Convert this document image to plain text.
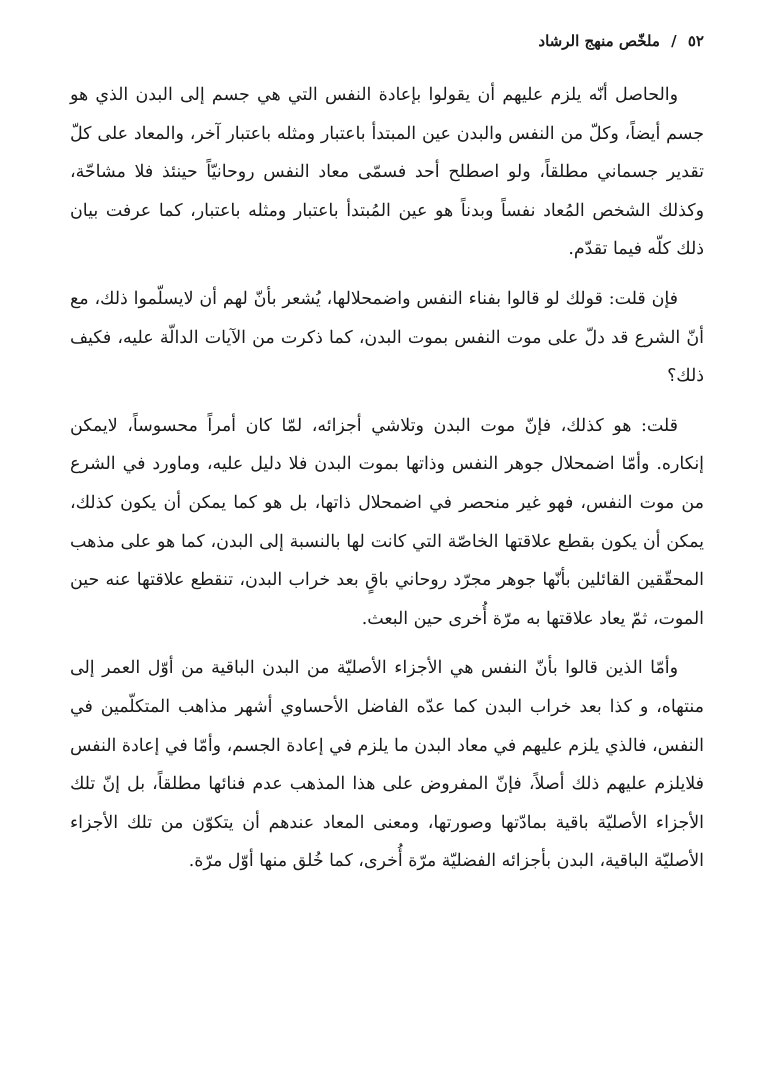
٥٢ / ملخّص منهج الرشاد

والحاصل أنّه يلزم عليهم أن يقولوا بإعادة النفس التي هي جسم إلى البدن الذي هو جسم أيضاً، وكلّ من النفس والبدن عين المبتدأ باعتبار ومثله باعتبار آخر، والمعاد على كلّ تقدير جسماني مطلقاً، ولو اصطلح أحد فسمّى معاد النفس روحانيّاً حينئذ فلا مشاحّة، وكذلك الشخص المُعاد نفساً وبدناً هو عين المُبتدأ باعتبار ومثله باعتبار، كما عرفت بيان ذلك كلّه فيما تقدّم.

فإن قلت: قولك لو قالوا بفناء النفس واضمحلالها، يُشعر بأنّ لهم أن لايسلّموا ذلك، مع أنّ الشرع قد دلّ على موت النفس بموت البدن، كما ذكرت من الآيات الدالّة عليه، فكيف ذلك؟

قلت: هو كذلك، فإنّ موت البدن وتلاشي أجزائه، لمّا كان أمراً محسوساً، لايمكن إنكاره. وأمّا اضمحلال جوهر النفس وذاتها بموت البدن فلا دليل عليه، وماورد في الشرع من موت النفس، فهو غير منحصر في اضمحلال ذاتها، بل هو كما يمكن أن يكون كذلك، يمكن أن يكون بقطع علاقتها الخاصّة التي كانت لها بالنسبة إلى البدن، كما هو على مذهب المحقّقين القائلين بأنّها جوهر مجرّد روحاني باقٍ بعد خراب البدن، تنقطع علاقتها عنه حين الموت، ثمّ يعاد علاقتها به مرّة أُخرى حين البعث.

وأمّا الذين قالوا بأنّ النفس هي الأجزاء الأصليّة من البدن الباقية من أوّل العمر إلى منتهاه، و كذا بعد خراب البدن كما عدّه الفاضل الأحساوي أشهر مذاهب المتكلّمين في النفس، فالذي يلزم عليهم في معاد البدن ما يلزم في إعادة الجسم، وأمّا في إعادة النفس فلايلزم عليهم ذلك أصلاً، فإنّ المفروض على هذا المذهب عدم فنائها مطلقاً، بل إنّ تلك الأجزاء الأصليّة باقية بمادّتها وصورتها، ومعنى المعاد عندهم أن يتكوّن من تلك الأجزاء الأصليّة الباقية، البدن بأجزائه الفضليّة مرّة أُخرى، كما خُلق منها أوّل مرّة.
